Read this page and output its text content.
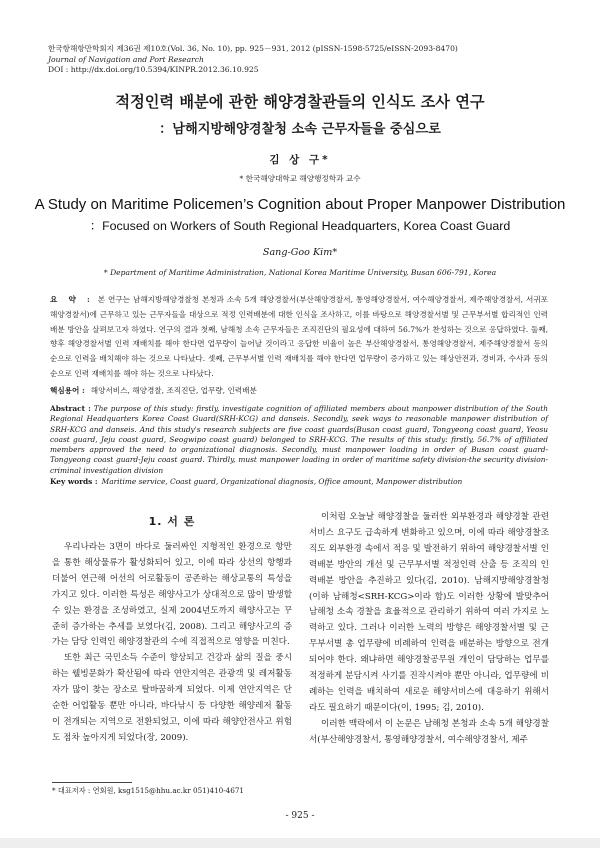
한국항해항만학회지 제36권 제10호(Vol. 36, No. 10), pp. 925－931, 2012 (pISSN-1598-5725/eISSN-2093-8470)
Journal of Navigation and Port Research
DOI : http://dx.doi.org/10.5394/KINPR.2012.36.10.925
적정인력 배분에 관한 해양경찰관들의 인식도 조사 연구
：남해지방해양경찰청 소속 근무자들을 중심으로
김 상 구*
* 한국해양대학교 해양행정학과 교수
A Study on Maritime Policemen’s Cognition about Proper Manpower Distribution
：Focused on Workers of South Regional Headquarters, Korea Coast Guard
Sang-Goo Kim*
* Department of Maritime Administration, National Korea Maritime University, Busan 606-791, Korea
요 약 : 본 연구는 남해지방해양경찰청 본청과 소속 5개 해양경찰서(부산해양경찰서, 통영해양경찰서, 여수해양경찰서, 제주해양경찰서, 서귀포해양경찰서)에 근무하고 있는 근무자들을 대상으로 적정 인력배분에 대한 인식을 조사하고, 이를 바탕으로 해양경찰서별 및 근무부서별 합리적인 인력배분 방안을 살펴보고자 하였다. 연구의 결과 첫째, 남해청 소속 근무자들은 조직진단의 필요성에 대하여 56.7%가 찬성하는 것으로 응답하였다. 둘째, 향후 해양경찰서별 인력 재배치를 해야 한다면 업무량이 늘어날 것이라고 응답한 비율이 높은 부산해양경찰서, 통영해양경찰서, 제주해양경찰서 등의 순으로 인력을 배치해야 하는 것으로 나타났다. 셋째, 근무부서별 인력 재배치를 해야 한다면 업무량이 증가하고 있는 해상안전과, 경비과, 수사과 등의 순으로 인력 재배치를 해야 하는 것으로 나타났다.
핵심용어 : 해양서비스, 해양경찰, 조직진단, 업무량, 인력배분
Abstract : The purpose of this study: firstly, investigate cognition of affiliated members about manpower distribution of the South Regional Headquarters Korea Coast Guard(SRH-KCG) and danseis. Secondly, seek ways to reasonable manpower distribution of SRH-KCG and danseis. And this study's research subjects are five coast guards(Busan coast guard, Tongyeong coast guard, Yeosu coast guard, Jeju coast guard, Seogwipo coast guard) belonged to SRH-KCG. The results of this study: firstly, 56.7% of affiliated members approved the need to organizational diagnosis. Secondly, must manpower loading in order of Busan coast guard-Tongyeong coast guard-Jeju coast guard. Thirdly, must manpower loading in order of maritime safety division-the security division-criminal investigation division
Key words : Maritime service, Coast guard, Organizational diagnosis, Office amount, Manpower distribution
1. 서 론

우리나라는 3면이 바다로 둘러싸인 지형적인 환경으로 항만을 통한 해상물류가 활성화되어 있고, 이에 따라 상선의 항행과 더불어 연근해 어선의 어로활동이 공존하는 해상교통의 특성을 가지고 있다. 이러한 특성은 해양사고가 상대적으로 많이 발생할 수 있는 환경을 조성하였고, 실제 2004년도까지 해양사고는 꾸준히 증가하는 추세를 보였다(김, 2008). 그리고 해양사고의 증가는 담당 인력인 해양경찰관의 수에 직접적으로 영향을 미친다.

또한 최근 국민소득 수준이 향상되고 건강과 삶의 질을 중시하는 웰빙문화가 확산됨에 따라 연안지역은 관광객 및 레저활동자가 많이 찾는 장소로 탈바꿈하게 되었다. 이제 연안지역은 단순한 어업활동 뿐만 아니라, 바다낚시 등 다양한 해양레저 활동이 전개되는 지역으로 전환되었고, 이에 따라 해양안전사고 위험도 점차 높아지게 되었다(장, 2009).

이처럼 오늘날 해양경찰을 둘러싼 외부환경과 해양경찰 관련서비스 요구도 급속하게 변화하고 있으며, 이에 따라 해양경찰조직도 외부환경 속에서 적응 및 발전하기 위하여 해양경찰서별 인력배분 방안의 개선 및 근무부서별 적정인력 산출 등 조직의 인력배분 방안을 추진하고 있다(김, 2010). 남해지방해양경찰청(이하 남해청<SRH-KCG>이라 함)도 이러한 상황에 발맞추어 남해청 소속 경찰을 효율적으로 관리하기 위하여 여러 가지로 노력하고 있다. 그러나 이러한 노력의 방향은 해양경찰서별 및 근무부서별 총 업무량에 비례하여 인력을 배분하는 방향으로 전개되어야 한다. 왜냐하면 해양경찰공무원 개인이 담당하는 업무를 적정하게 분담시켜 사기를 진작시켜야 뿐만 아니라, 업무량에 비례하는 인력을 배치하여 새로운 해양서비스에 대응하기 위해서라도 필요하기 때문이다(이, 1995; 김, 2010).

이러한 맥락에서 이 논문은 남해청 본청과 소속 5개 해양경찰서(부산해양경찰서, 통영해양경찰서, 여수해양경찰서, 제주

* 대표저자 : 연회원, ksg1515@hhu.ac.kr 051)410-4671
- 925 -
